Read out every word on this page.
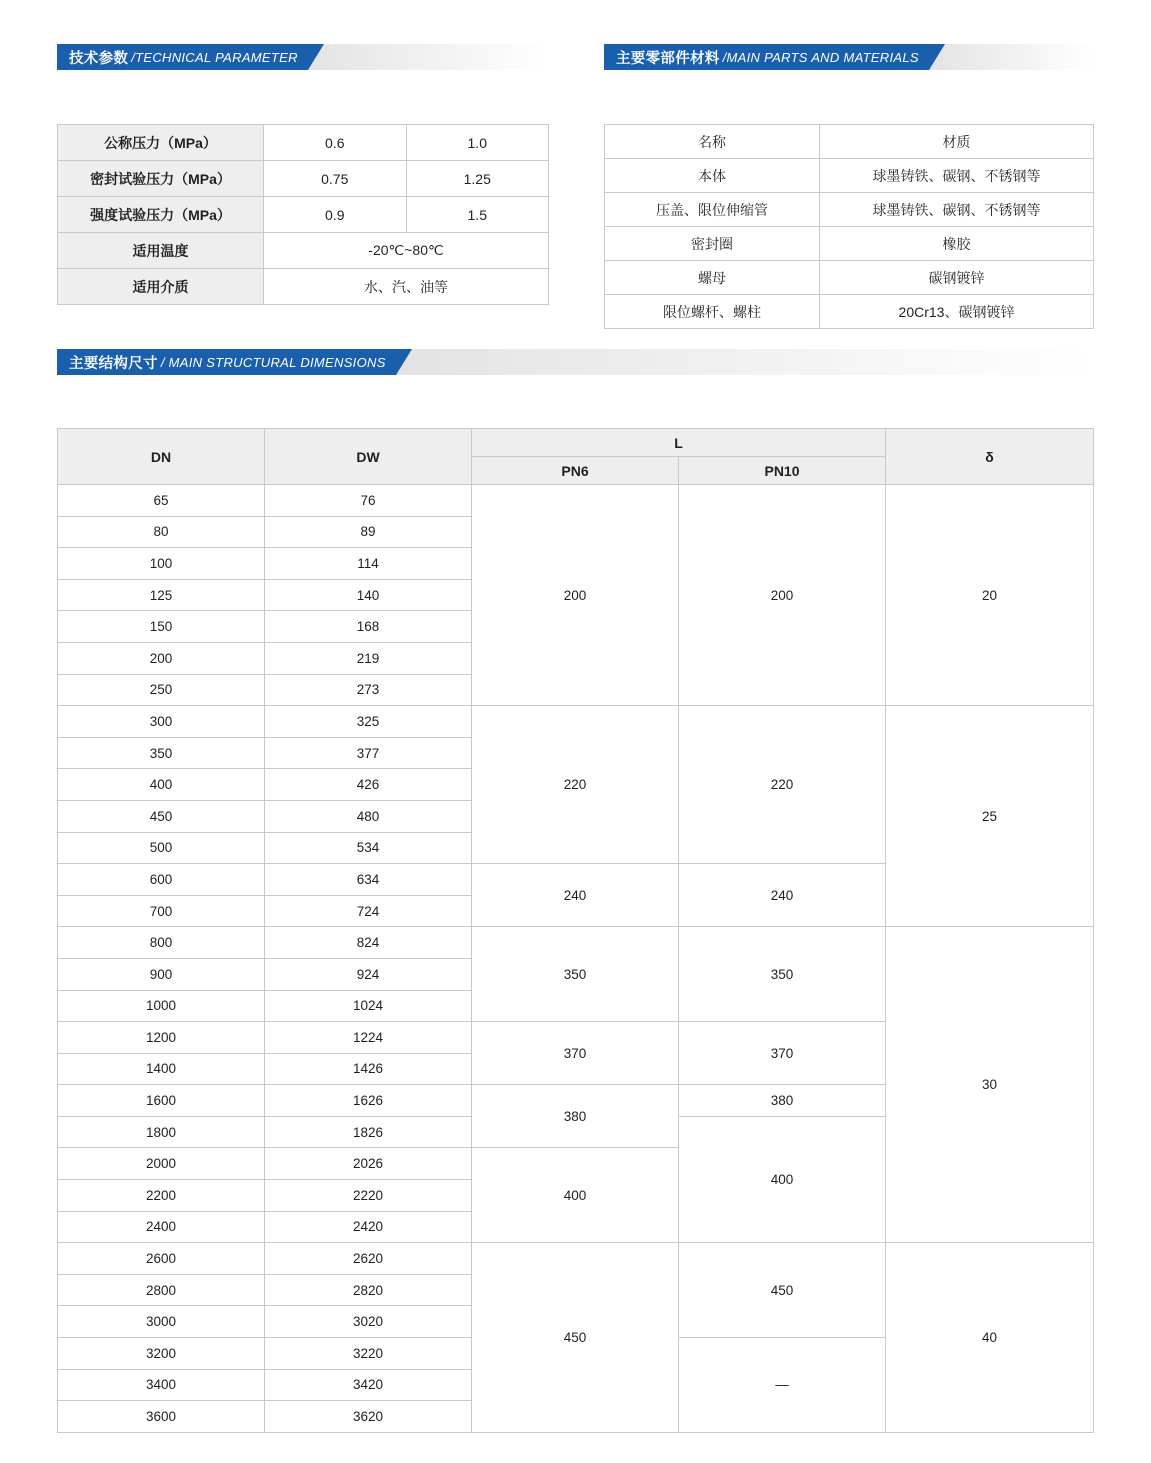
技术参数 /TECHNICAL PARAMETER
公称压力（MPa）	0.6	1.0
密封试验压力（MPa）	0.75	1.25
强度试验压力（MPa）	0.9	1.5
适用温度	-20℃~80℃	
适用介质	水、汽、油等	
主要零部件材料 /MAIN PARTS AND MATERIALS
名称	材质
本体	球墨铸铁、碳钢、不锈钢等
压盖、限位伸缩管	球墨铸铁、碳钢、不锈钢等
密封圈	橡胶
螺母	碳钢镀锌
限位螺杆、螺柱	20Cr13、碳钢镀锌
主要结构尺寸 / MAIN STRUCTURAL DIMENSIONS
DN	DW	L		δ
		PN6	PN10	
65	76	200	200	20
80	89			
100	114			
125	140			
150	168			
200	219			
250	273			
300	325	220	220	25
350	377			
400	426			
450	480			
500	534			
600	634	240	240	
700	724			
800	824	350	350	30
900	924			
1000	1024			
1200	1224	370	370	
1400	1426			
1600	1626	380	380	
1800	1826		400	
2000	2026	400		
2200	2220			
2400	2420			
2600	2620	450	450	40
2800	2820			
3000	3020			
3200	3220		—	
3400	3420			
3600	3620			
